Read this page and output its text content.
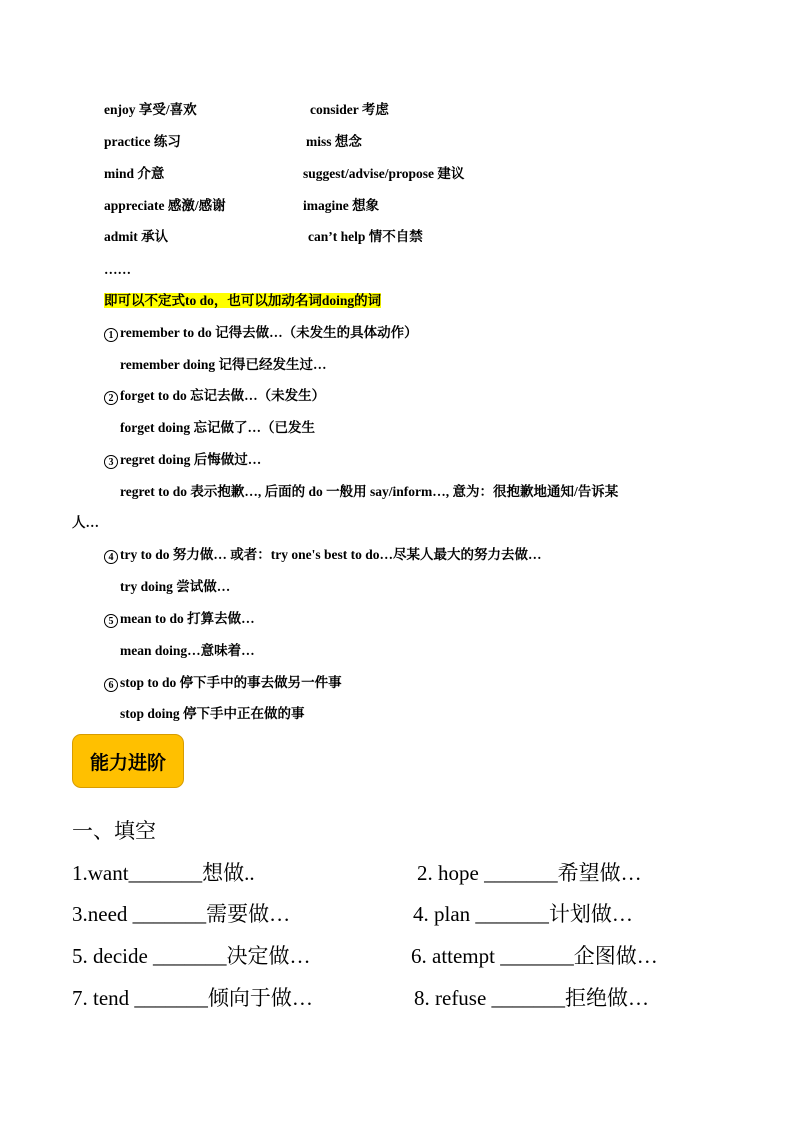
enjoy 享受/喜欢	consider 考虑
practice 练习	miss 想念
mind 介意	suggest/advise/propose 建议
appreciate 感激/感谢	imagine 想象
admit 承认	can’t help 情不自禁
……
即可以不定式to do，也可以加动名词doing的词
1 remember to do 记得去做…（未发生的具体动作）
remember doing 记得已经发生过…
2 forget to do 忘记去做…（未发生）
forget doing 忘记做了…（已发生
3 regret doing 后悔做过…
regret to do 表示抱歉…, 后面的 do 一般用 say/inform…, 意为：很抱歉地通知/告诉某
人…
4 try to do 努力做… 或者：try one's best to do…尽某人最大的努力去做…
try doing 尝试做…
5 mean to do 打算去做…
mean doing…意味着…
6 stop to do 停下手中的事去做另一件事
stop doing 停下手中正在做的事
能力进阶
一、填空
1.want_______想做..	2. hope _______希望做…
3.need _______需要做…	4. plan _______计划做…
5. decide _______决定做…	6. attempt _______企图做…
7. tend _______倾向于做…	8. refuse _______拒绝做…
